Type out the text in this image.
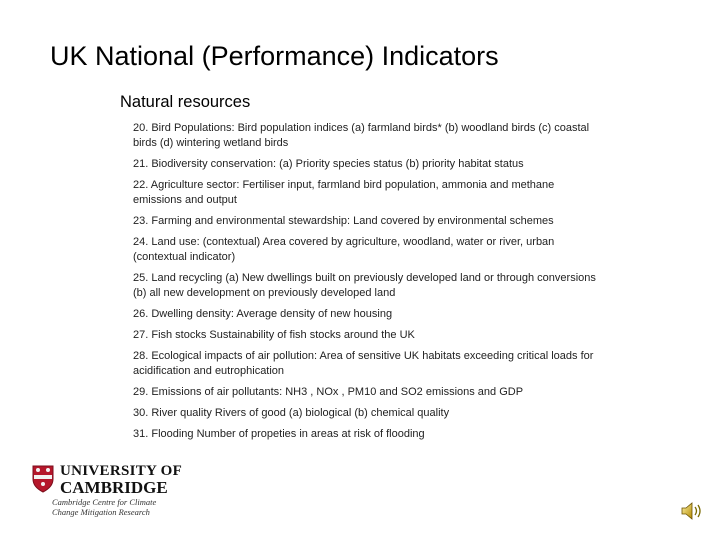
UK National (Performance) Indicators
Natural resources
20. Bird Populations: Bird population indices (a) farmland birds* (b) woodland birds (c) coastal birds (d) wintering wetland birds
21. Biodiversity conservation: (a) Priority species status (b) priority habitat status
22. Agriculture sector: Fertiliser input, farmland bird population, ammonia and methane emissions and output
23. Farming and environmental stewardship: Land covered by environmental schemes
24. Land use: (contextual) Area covered by agriculture, woodland, water or river, urban (contextual indicator)
25. Land recycling (a) New dwellings built on previously developed land or through conversions (b) all new development on previously developed land
26. Dwelling density: Average density of new housing
27. Fish stocks Sustainability of fish stocks around the UK
28. Ecological impacts of air pollution: Area of sensitive UK habitats exceeding critical loads for acidification and eutrophication
29. Emissions of air pollutants: NH3 , NOx , PM10 and SO2 emissions and GDP
30. River quality Rivers of good (a) biological (b) chemical quality
31. Flooding Number of propeties in areas at risk of flooding
UNIVERSITY OF
CAMBRIDGE
Cambridge Centre for Climate
Change Mitigation Research
